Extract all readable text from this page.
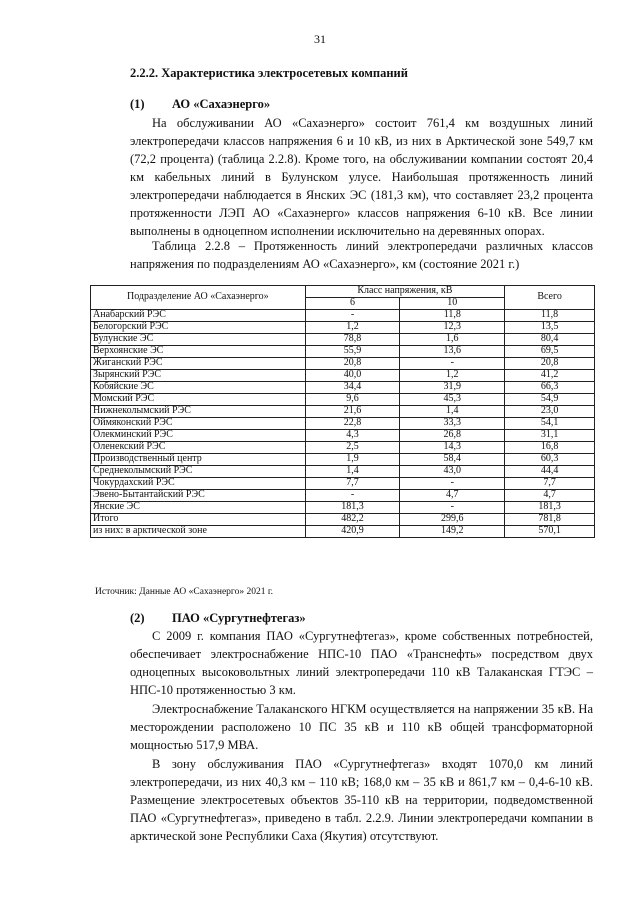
31
2.2.2. Характеристика электросетевых компаний
(1) АО «Сахаэнерго»

На обслуживании АО «Сахаэнерго» состоит 761,4 км воздушных линий электропередачи классов напряжения 6 и 10 кВ, из них в Арктической зоне 549,7 км (72,2 процента) (таблица 2.2.8). Кроме того, на обслуживании компании состоят 20,4 км кабельных линий в Булунском улусе. Наибольшая протяженность линий электропередачи наблюдается в Янских ЭС (181,3 км), что составляет 23,2 процента протяженности ЛЭП АО «Сахаэнерго» классов напряжения 6-10 кВ. Все линии выполнены в одноцепном исполнении исключительно на деревянных опорах.

Таблица 2.2.8 – Протяженность линий электропередачи различных классов напряжения по подразделениям АО «Сахаэнерго», км (состояние 2021 г.)

Подразделение АО «Сахаэнерго»	Класс напряжения, кВ		Всего
	6	10	
Анабарский РЭС	-	11,8	11,8
Белогорский РЭС	1,2	12,3	13,5
Булунские ЭС	78,8	1,6	80,4
Верхоянские ЭС	55,9	13,6	69,5
Жиганский РЭС	20,8	-	20,8
Зырянский РЭС	40,0	1,2	41,2
Кобяйские ЭС	34,4	31,9	66,3
Момский РЭС	9,6	45,3	54,9
Нижнеколымский РЭС	21,6	1,4	23,0
Оймяконский РЭС	22,8	33,3	54,1
Олекминский РЭС	4,3	26,8	31,1
Оленекский РЭС	2,5	14,3	16,8
Производственный центр	1,9	58,4	60,3
Среднеколымский РЭС	1,4	43,0	44,4
Чокурдахский РЭС	7,7	-	7,7
Эвено-Бытантайский РЭС	-	4,7	4,7
Янские ЭС	181,3	-	181,3
Итого	482,2	299,6	781,8
из них: в арктической зоне	420,9	149,2	570,1
Источник: Данные АО «Сахаэнерго» 2021 г.
(2) ПАО «Сургутнефтегаз»

С 2009 г. компания ПАО «Сургутнефтегаз», кроме собственных потребностей, обеспечивает электроснабжение НПС-10 ПАО «Транснефть» посредством двух одноцепных высоковольтных линий электропередачи 110 кВ Талаканская ГТЭС – НПС-10 протяженностью 3 км.

Электроснабжение Талаканского НГКМ осуществляется на напряжении 35 кВ. На месторождении расположено 10 ПС 35 кВ и 110 кВ общей трансформаторной мощностью 517,9 МВА.

В зону обслуживания ПАО «Сургутнефтегаз» входят 1070,0 км линий электропередачи, из них 40,3 км – 110 кВ; 168,0 км – 35 кВ и 861,7 км – 0,4-6-10 кВ. Размещение электросетевых объектов 35-110 кВ на территории, подведомственной ПАО «Сургутнефтегаз», приведено в табл. 2.2.9. Линии электропередачи компании в арктической зоне Республики Саха (Якутия) отсутствуют.
